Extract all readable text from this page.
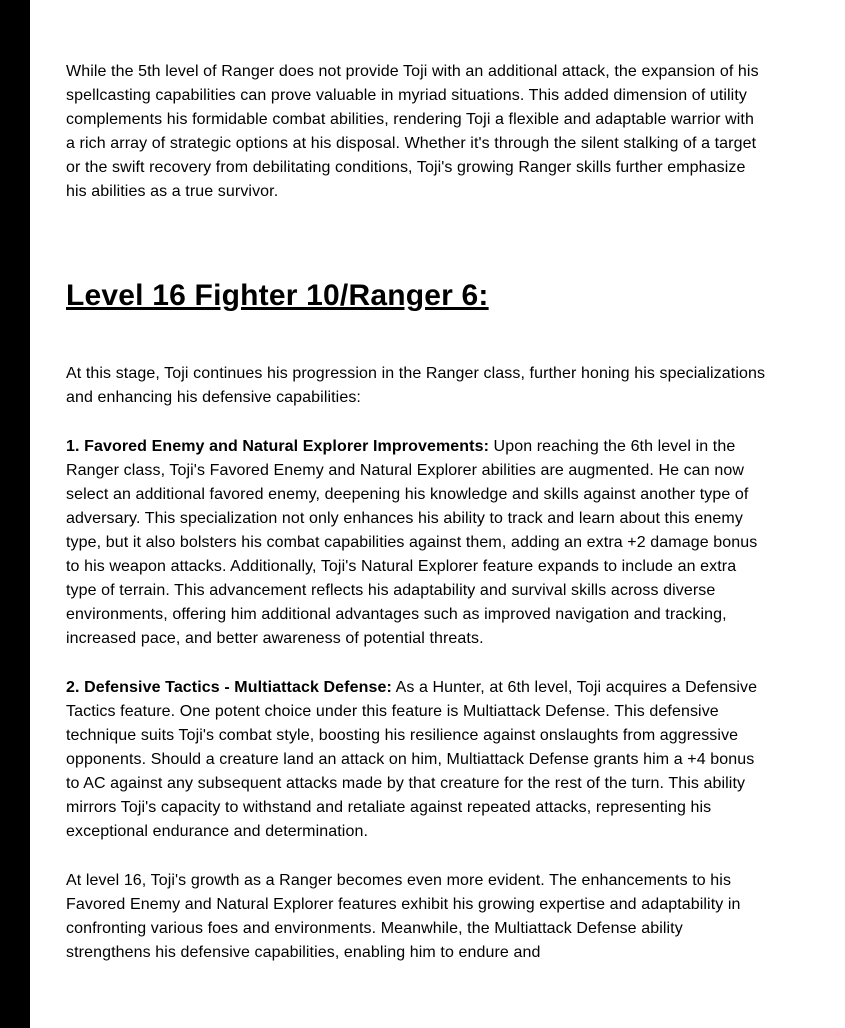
While the 5th level of Ranger does not provide Toji with an additional attack, the expansion of his spellcasting capabilities can prove valuable in myriad situations. This added dimension of utility complements his formidable combat abilities, rendering Toji a flexible and adaptable warrior with a rich array of strategic options at his disposal. Whether it's through the silent stalking of a target or the swift recovery from debilitating conditions, Toji's growing Ranger skills further emphasize his abilities as a true survivor.

Level 16 Fighter 10/Ranger 6:

At this stage, Toji continues his progression in the Ranger class, further honing his specializations and enhancing his defensive capabilities:

1. Favored Enemy and Natural Explorer Improvements: Upon reaching the 6th level in the Ranger class, Toji's Favored Enemy and Natural Explorer abilities are augmented. He can now select an additional favored enemy, deepening his knowledge and skills against another type of adversary. This specialization not only enhances his ability to track and learn about this enemy type, but it also bolsters his combat capabilities against them, adding an extra +2 damage bonus to his weapon attacks. Additionally, Toji's Natural Explorer feature expands to include an extra type of terrain. This advancement reflects his adaptability and survival skills across diverse environments, offering him additional advantages such as improved navigation and tracking, increased pace, and better awareness of potential threats.

2. Defensive Tactics - Multiattack Defense: As a Hunter, at 6th level, Toji acquires a Defensive Tactics feature. One potent choice under this feature is Multiattack Defense. This defensive technique suits Toji's combat style, boosting his resilience against onslaughts from aggressive opponents. Should a creature land an attack on him, Multiattack Defense grants him a +4 bonus to AC against any subsequent attacks made by that creature for the rest of the turn. This ability mirrors Toji's capacity to withstand and retaliate against repeated attacks, representing his exceptional endurance and determination.

At level 16, Toji's growth as a Ranger becomes even more evident. The enhancements to his Favored Enemy and Natural Explorer features exhibit his growing expertise and adaptability in confronting various foes and environments. Meanwhile, the Multiattack Defense ability strengthens his defensive capabilities, enabling him to endure and
